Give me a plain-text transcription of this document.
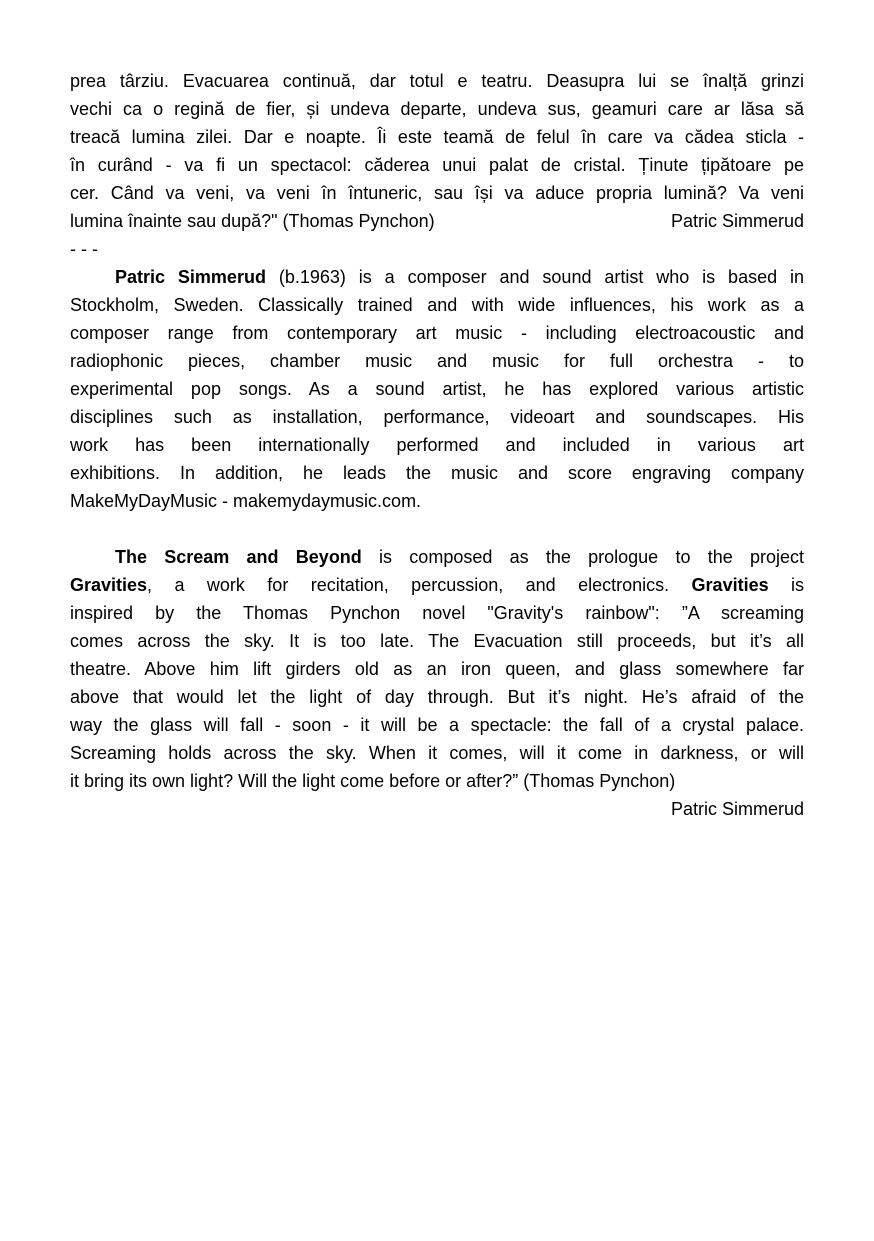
prea târziu. Evacuarea continuă, dar totul e teatru. Deasupra lui se înalță grinzi
vechi ca o regină de fier, și undeva departe, undeva sus, geamuri care ar lăsa să
treacă lumina zilei. Dar e noapte. Îi este teamă de felul în care va cădea sticla -
în curând - va fi un spectacol: căderea unui palat de cristal. Ținute țipătoare pe
cer. Când va veni, va veni în întuneric, sau își va aduce propria lumină? Va veni
lumina înainte sau după?" (Thomas Pynchon)	Patric Simmerud
- - -
Patric Simmerud (b.1963) is a composer and sound artist who is based in
Stockholm, Sweden. Classically trained and with wide influences, his work as a
composer range from contemporary art music - including electroacoustic and
radiophonic pieces, chamber music and music for full orchestra - to
experimental pop songs. As a sound artist, he has explored various artistic
disciplines such as installation, performance, videoart and soundscapes. His
work has been internationally performed and included in various art
exhibitions. In addition, he leads the music and score engraving company
MakeMyDayMusic - makemydaymusic.com.
The Scream and Beyond is composed as the prologue to the project
Gravities, a work for recitation, percussion, and electronics. Gravities is
inspired by the Thomas Pynchon novel "Gravity's rainbow": ”A screaming
comes across the sky. It is too late. The Evacuation still proceeds, but it’s all
theatre. Above him lift girders old as an iron queen, and glass somewhere far
above that would let the light of day through. But it’s night. He’s afraid of the
way the glass will fall - soon - it will be a spectacle: the fall of a crystal palace.
Screaming holds across the sky. When it comes, will it come in darkness, or will
it bring its own light? Will the light come before or after?” (Thomas Pynchon)
Patric Simmerud
